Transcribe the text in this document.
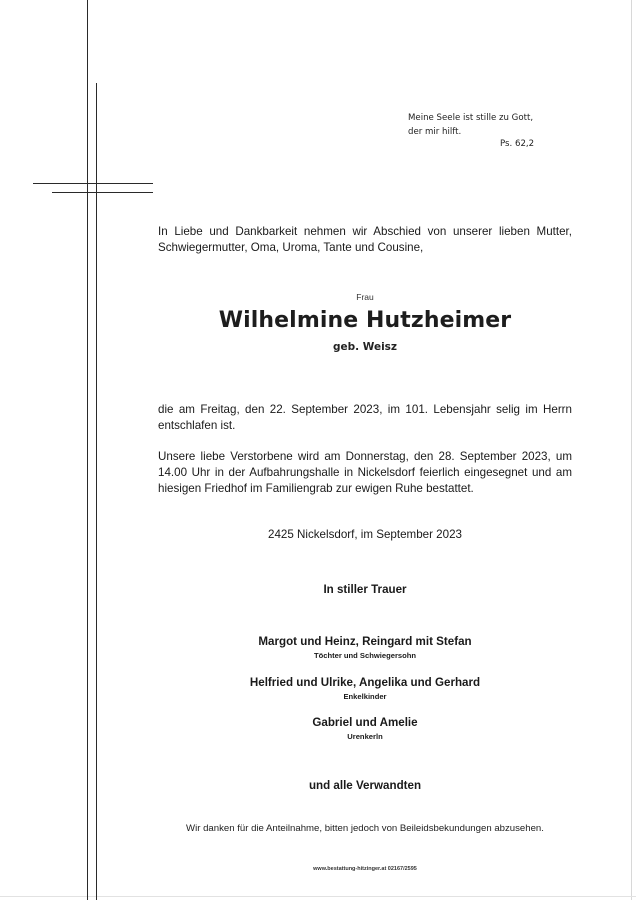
Meine Seele ist stille zu Gott,
der mir hilft.
Ps. 62,2
In Liebe und Dankbarkeit nehmen wir Abschied von unserer lieben Mutter, Schwiegermutter, Oma, Uroma, Tante und Cousine,
Frau
Wilhelmine Hutzheimer
geb. Weisz
die am Freitag, den 22. September 2023, im 101. Lebensjahr selig im Herrn entschlafen ist.
Unsere liebe Verstorbene wird am Donnerstag, den 28. September 2023, um 14.00 Uhr in der Aufbahrungshalle in Nickelsdorf feierlich eingesegnet und am hiesigen Friedhof im Familiengrab zur ewigen Ruhe bestattet.
2425 Nickelsdorf, im September 2023
In stiller Trauer
Margot und Heinz, Reingard mit Stefan
Töchter und Schwiegersohn
Helfried und Ulrike, Angelika und Gerhard
Enkelkinder
Gabriel und Amelie
Urenkerln
und alle Verwandten
Wir danken für die Anteilnahme, bitten jedoch von Beileidsbekundungen abzusehen.
www.bestattung-hitzinger.at 02167/2595
